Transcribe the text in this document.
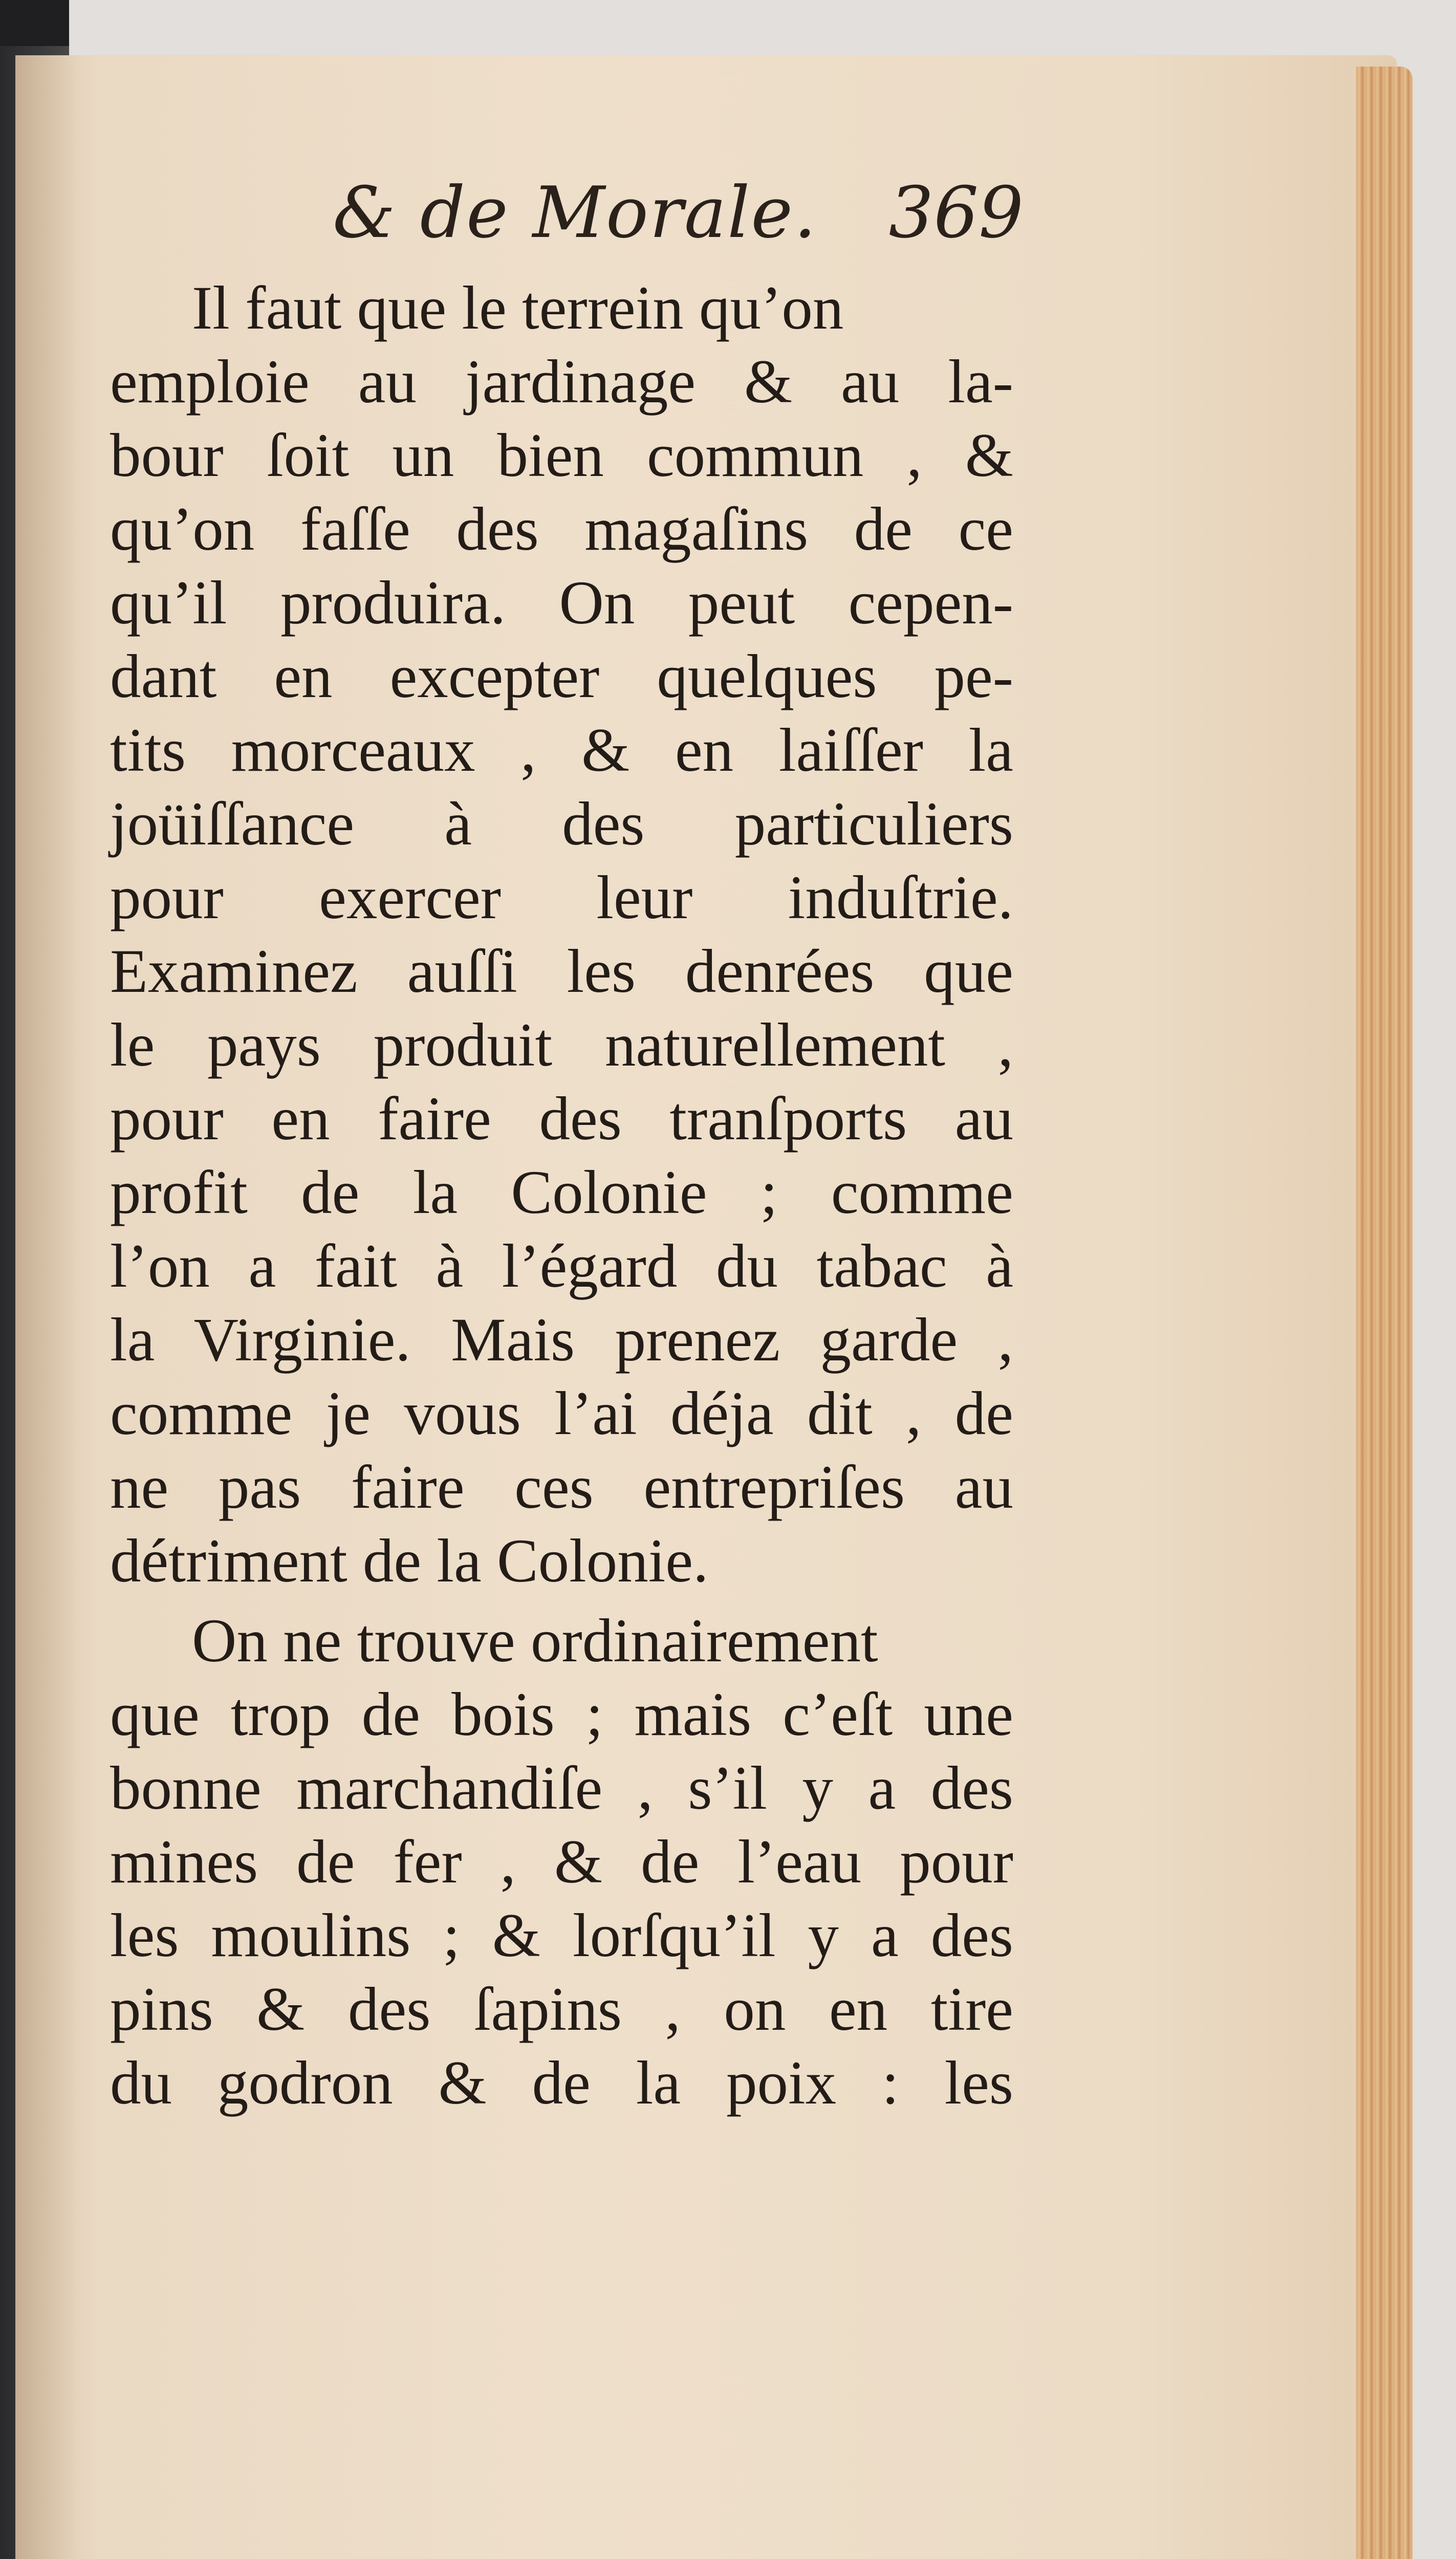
& de Morale. 369
Il faut que le terrein qu’on
emploie au jardinage & au la-
bour ſoit un bien commun , &
qu’on faſſe des magaſins de ce
qu’il produira. On peut cepen-
dant en excepter quelques pe-
tits morceaux , & en laiſſer la
joüiſſance à des particuliers
pour exercer leur induſtrie.
Examinez auſſi les denrées que
le pays produit naturellement ,
pour en faire des tranſports au
profit de la Colonie ; comme
l’on a fait à l’égard du tabac à
la Virginie. Mais prenez garde ,
comme je vous l’ai déja dit , de
ne pas faire ces entrepriſes au
détriment de la Colonie.
On ne trouve ordinairement
que trop de bois ; mais c’eſt une
bonne marchandiſe , s’il y a des
mines de fer , & de l’eau pour
les moulins ; & lorſqu’il y a des
pins & des ſapins , on en tire
du godron & de la poix : les
